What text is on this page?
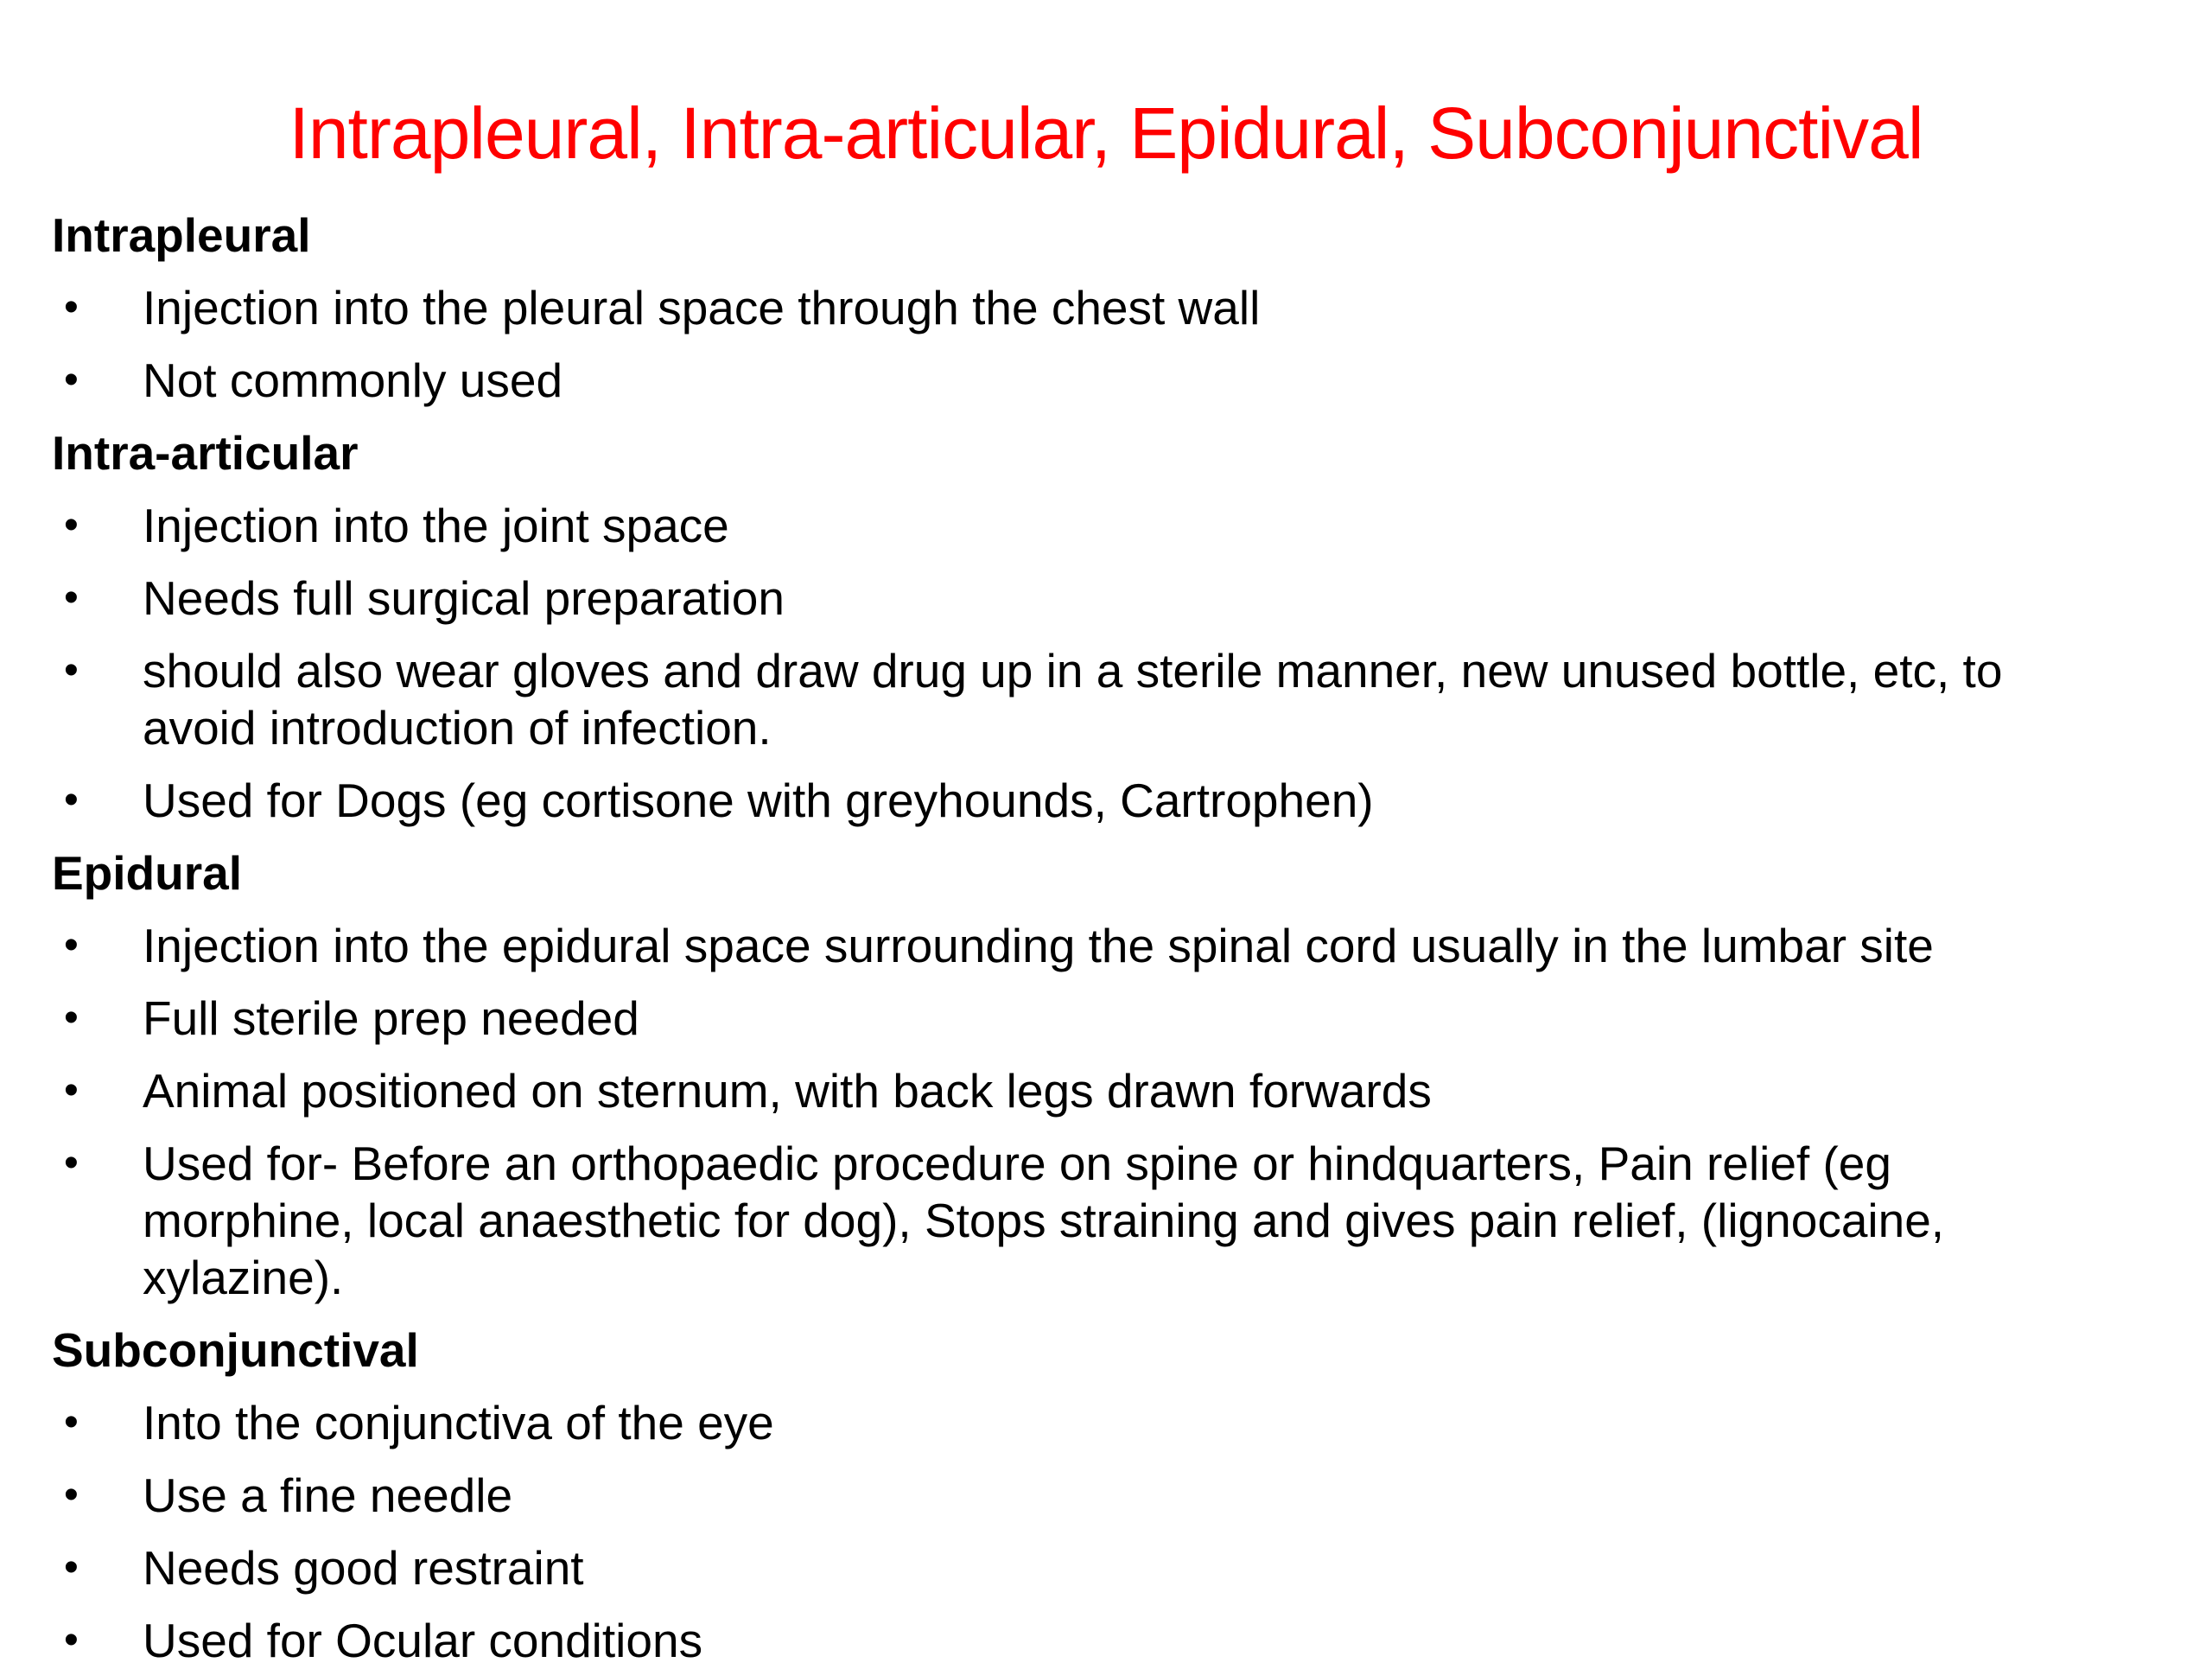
Intrapleural, Intra-articular, Epidural, Subconjunctival
Intrapleural
• Injection into the pleural space through the chest wall
• Not commonly used
Intra-articular
• Injection into the joint space
• Needs full surgical preparation
• should also wear gloves and draw drug up in a sterile manner, new unused bottle, etc, to avoid introduction of infection.
• Used for Dogs (eg cortisone with greyhounds, Cartrophen)
Epidural
• Injection into the epidural space surrounding the spinal cord usually in the lumbar site
• Full sterile prep needed
• Animal positioned on sternum, with back legs drawn forwards
• Used for- Before an orthopaedic procedure on spine or hindquarters, Pain relief (eg morphine, local anaesthetic for dog), Stops straining and gives pain relief, (lignocaine, xylazine).
Subconjunctival
• Into the conjunctiva of the eye
• Use a fine needle
• Needs good restraint
• Used for Ocular conditions
